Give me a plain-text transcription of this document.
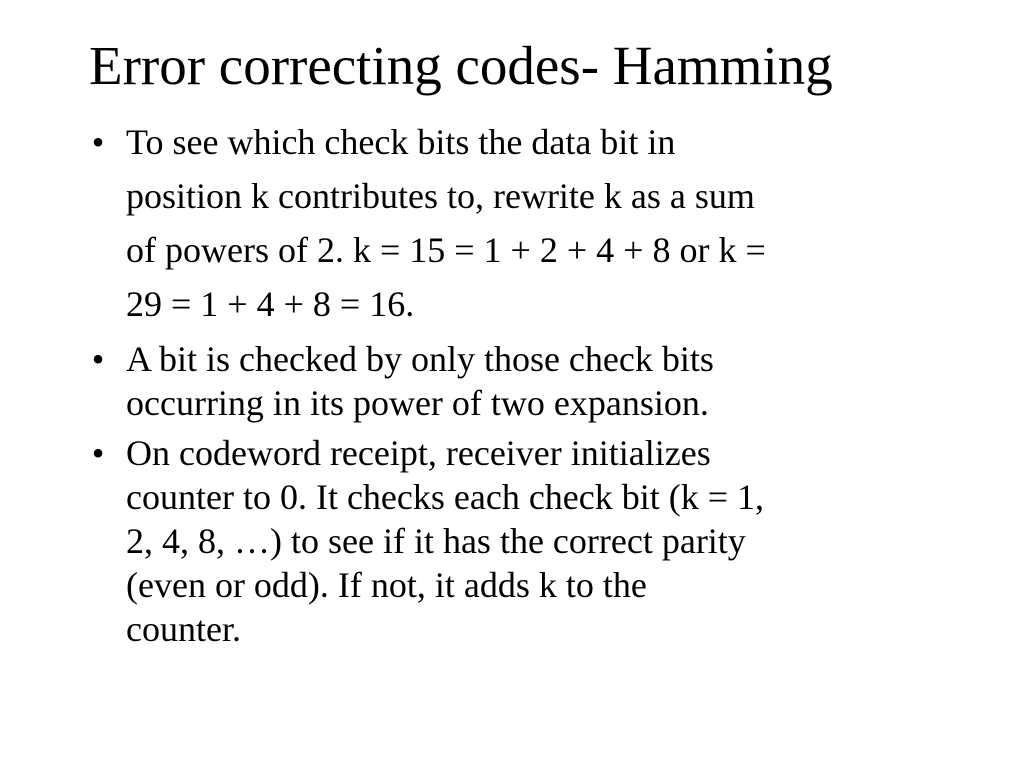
Error correcting codes- Hamming
• To see which check bits the data bit in
position k contributes to, rewrite k as a sum
of powers of 2. k = 15 = 1 + 2 + 4 + 8 or k =
29 = 1 + 4 + 8 = 16.
• A bit is checked by only those check bits
occurring in its power of two expansion.
• On codeword receipt, receiver initializes
counter to 0. It checks each check bit (k = 1,
2, 4, 8, …) to see if it has the correct parity
(even or odd). If not, it adds k to the
counter.
